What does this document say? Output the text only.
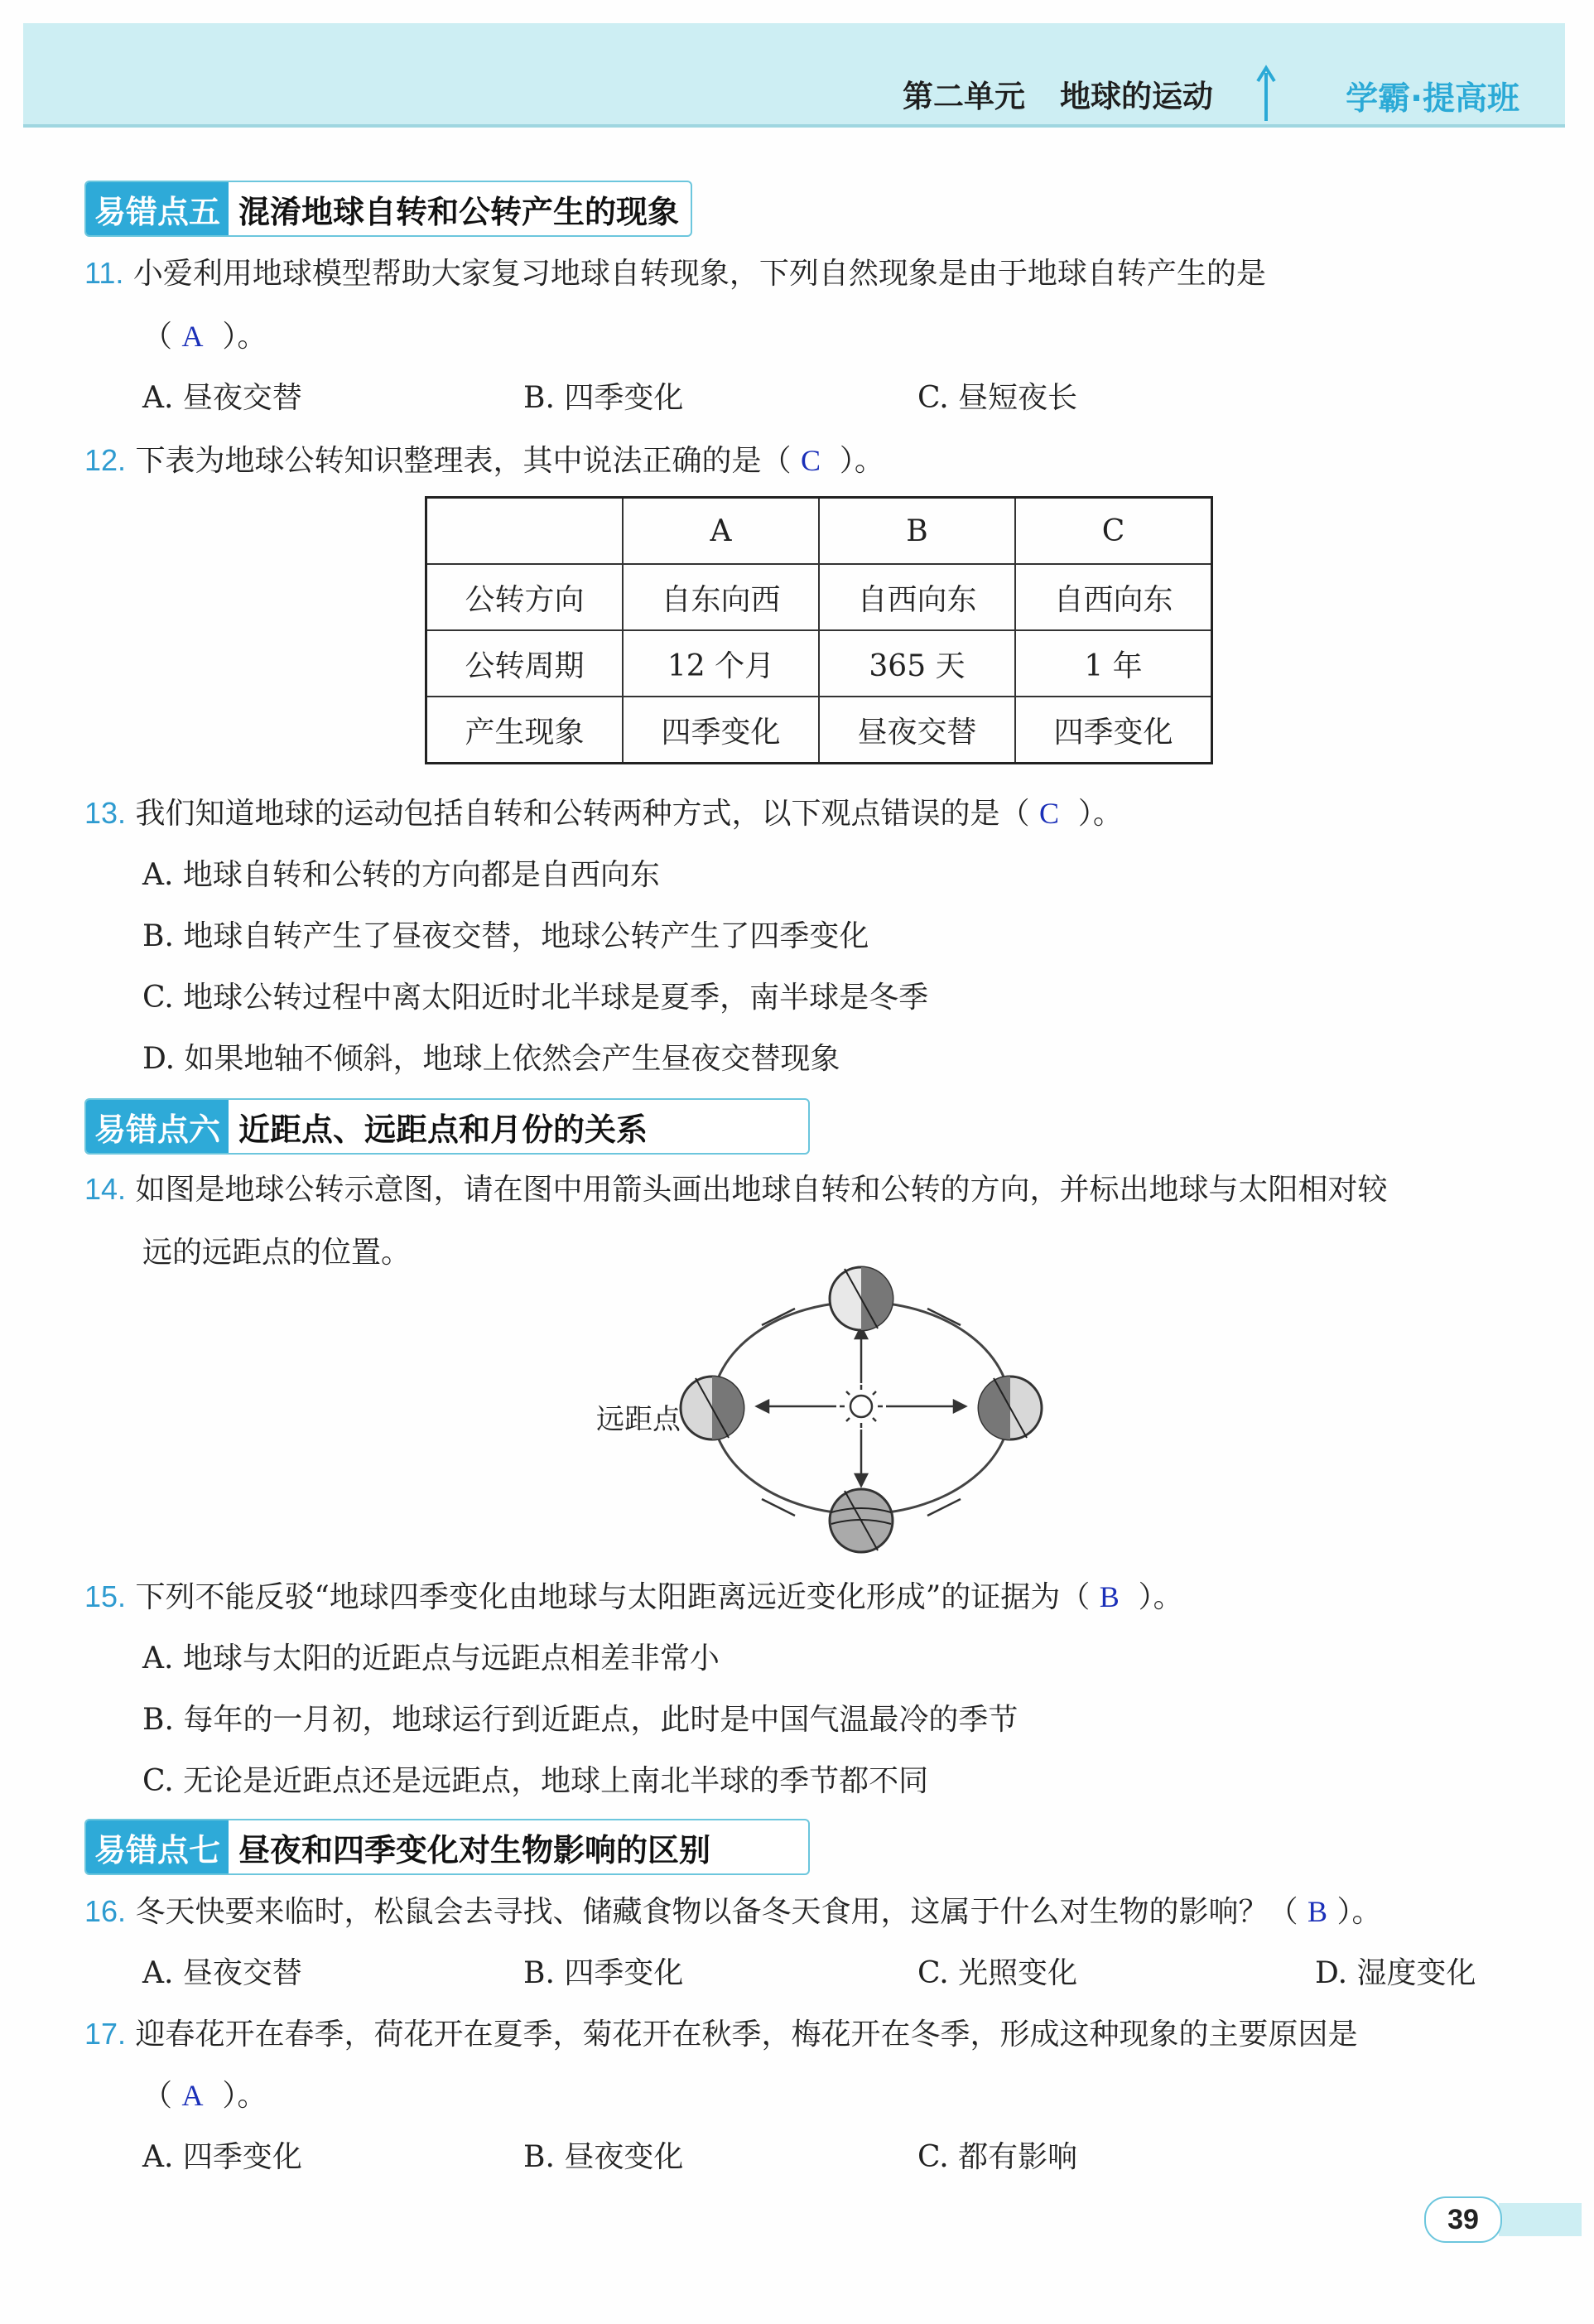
第二单元 地球的运动	学霸·提高班
易错点五 混淆地球自转和公转产生的现象
11. 小爱利用地球模型帮助大家复习地球自转现象，下列自然现象是由于地球自转产生的是
（ A ）。
A. 昼夜交替	B. 四季变化	C. 昼短夜长
12. 下表为地球公转知识整理表，其中说法正确的是（ C ）。
	A	B	C
公转方向	自东向西	自西向东	自西向东
公转周期	12 个月	365 天	1 年
产生现象	四季变化	昼夜交替	四季变化
13. 我们知道地球的运动包括自转和公转两种方式，以下观点错误的是（ C ）。
A. 地球自转和公转的方向都是自西向东
B. 地球自转产生了昼夜交替，地球公转产生了四季变化
C. 地球公转过程中离太阳近时北半球是夏季，南半球是冬季
D. 如果地轴不倾斜，地球上依然会产生昼夜交替现象
易错点六 近距点、远距点和月份的关系
14. 如图是地球公转示意图，请在图中用箭头画出地球自转和公转的方向，并标出地球与太阳相对较
远的远距点的位置。
远距点
15. 下列不能反驳“地球四季变化由地球与太阳距离远近变化形成”的证据为（ B ）。
A. 地球与太阳的近距点与远距点相差非常小
B. 每年的一月初，地球运行到近距点，此时是中国气温最冷的季节
C. 无论是近距点还是远距点，地球上南北半球的季节都不同
易错点七 昼夜和四季变化对生物影响的区别
16. 冬天快要来临时，松鼠会去寻找、储藏食物以备冬天食用，这属于什么对生物的影响？（ B ）。
A. 昼夜交替	B. 四季变化	C. 光照变化	D. 湿度变化
17. 迎春花开在春季，荷花开在夏季，菊花开在秋季，梅花开在冬季，形成这种现象的主要原因是
（ A ）。
A. 四季变化	B. 昼夜变化	C. 都有影响
39
